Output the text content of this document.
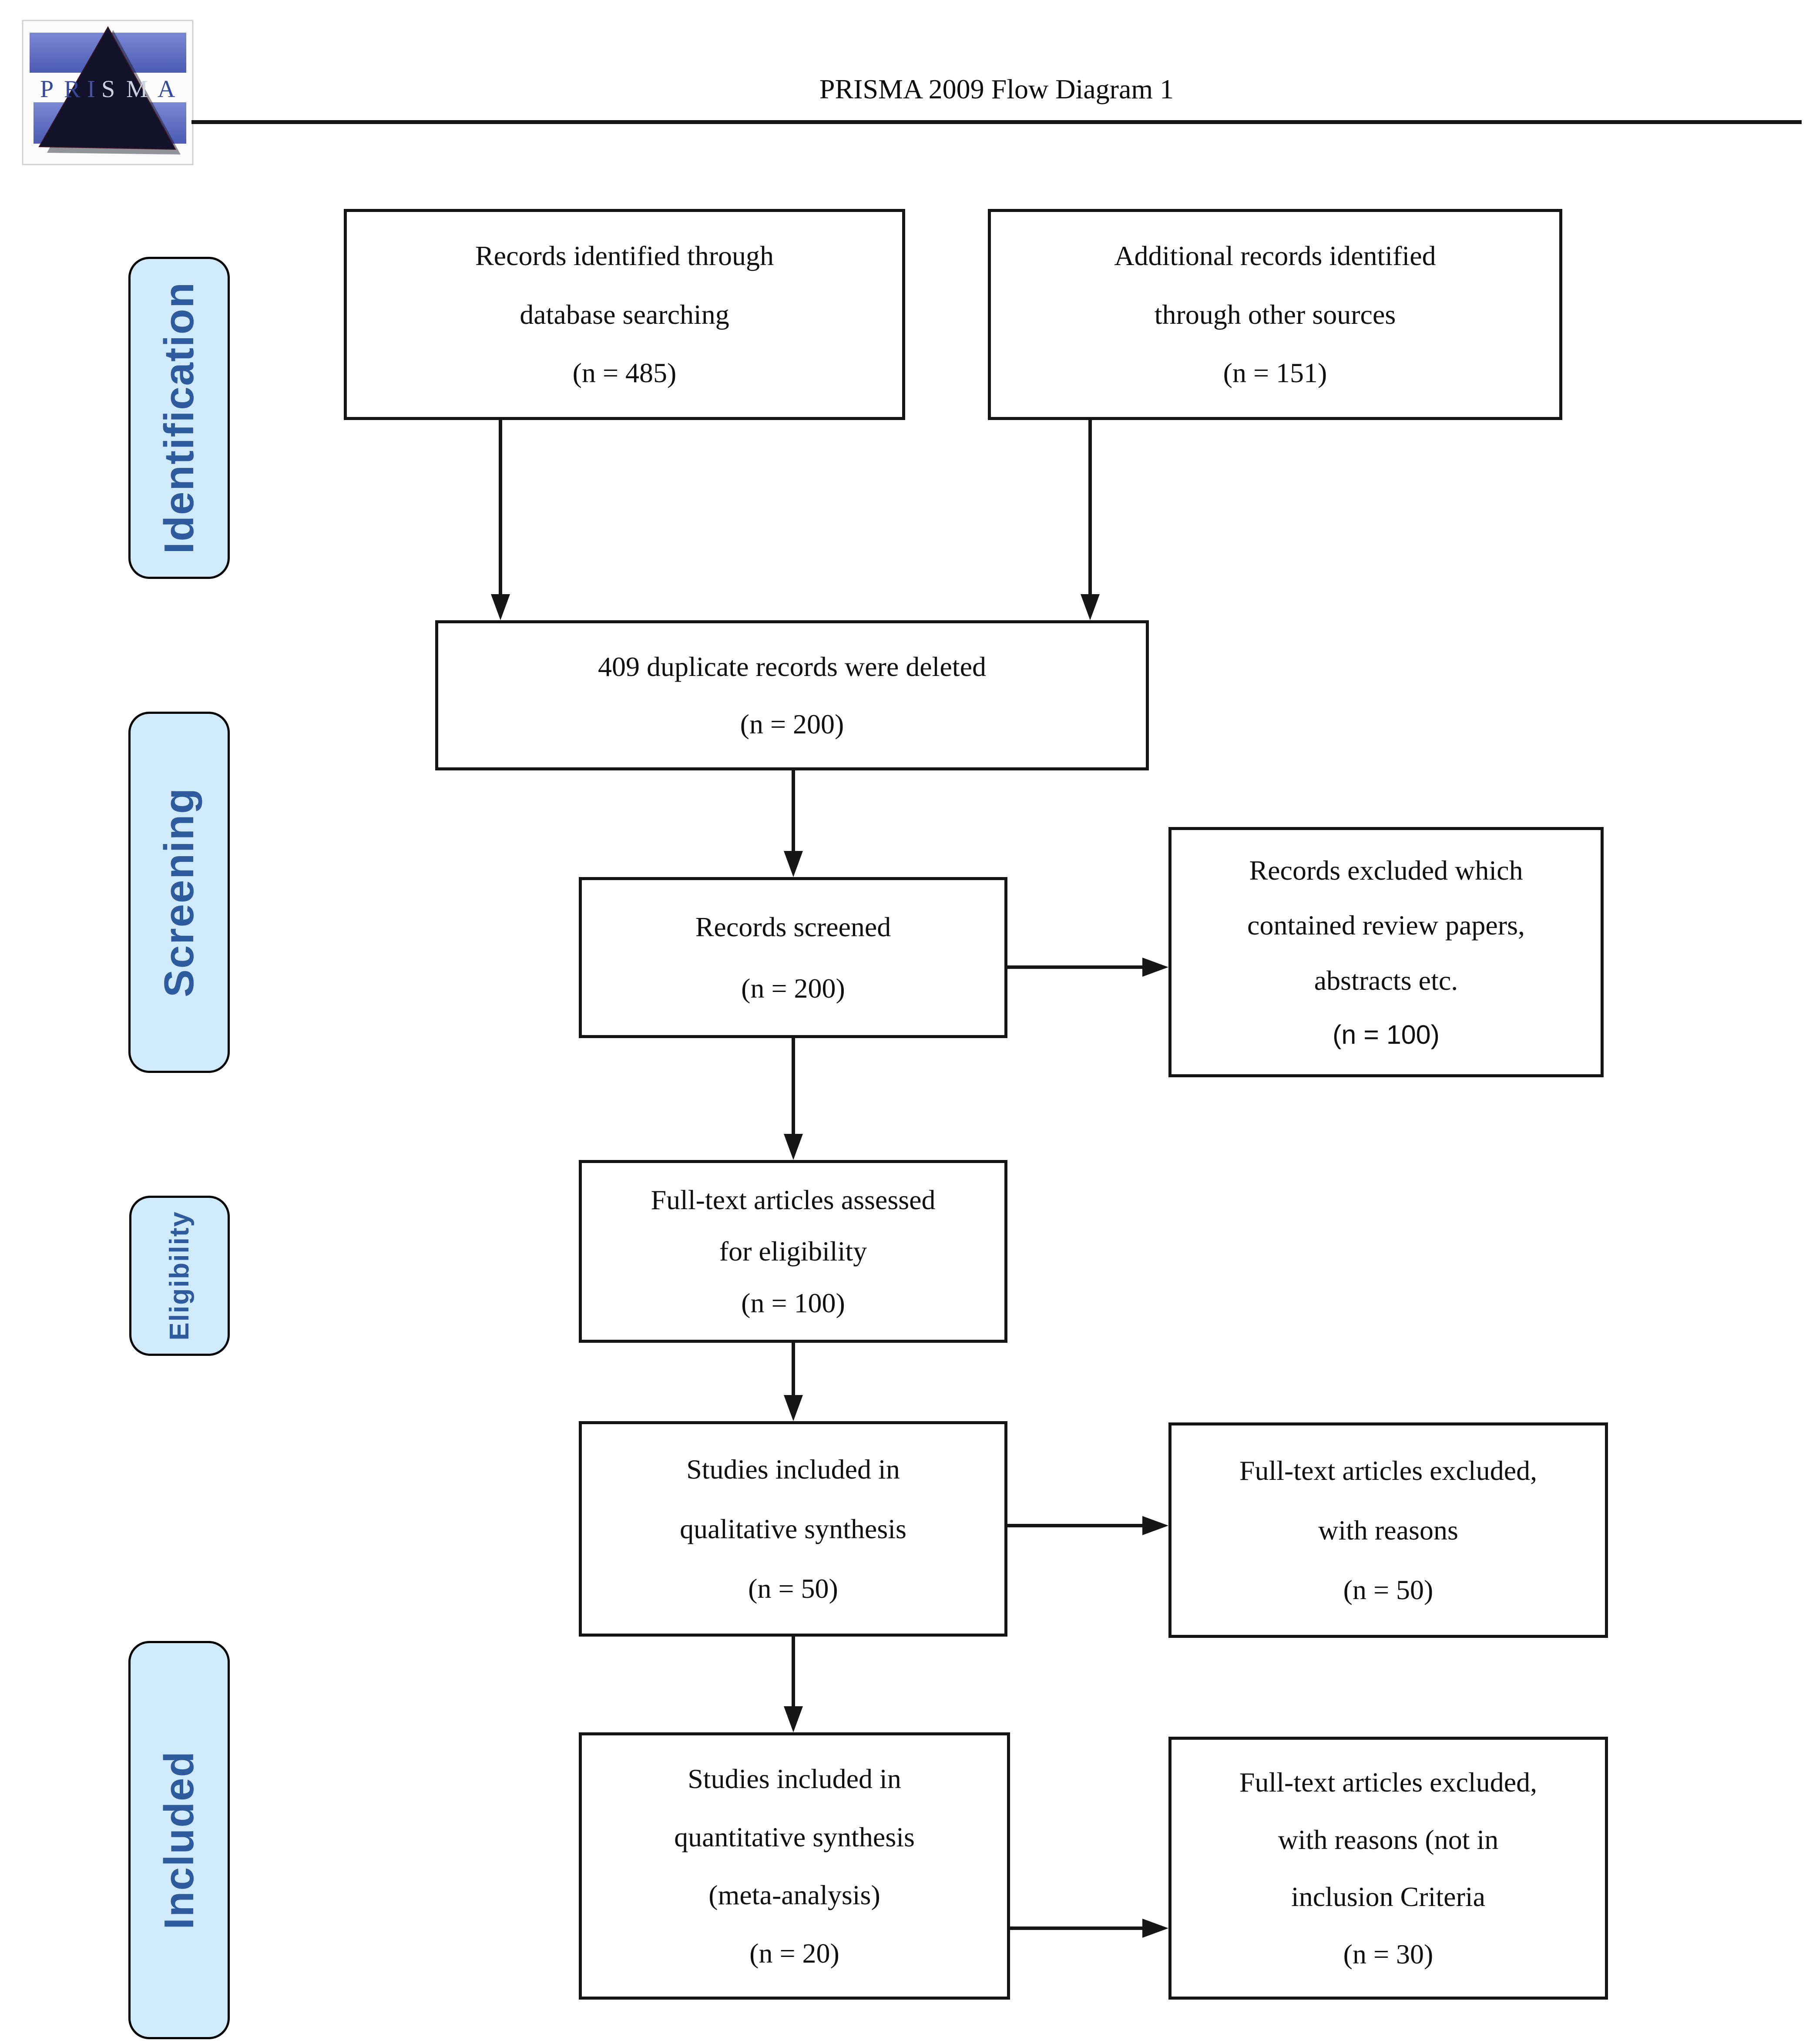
P R I S M A	PRISMA 2009 Flow Diagram 1
Identification
Screening
Eligibility
Included
Records identified through
database searching
(n = 485)
Additional records identified
through other sources
(n = 151)
409 duplicate records were deleted
(n = 200)
Records screened
(n = 200)
Records excluded which
contained review papers,
abstracts etc.
(n = 100)
Full-text articles assessed
for eligibility
(n = 100)
Studies included in
qualitative synthesis
(n = 50)
Full-text articles excluded,
with reasons
(n = 50)
Studies included in
quantitative synthesis
(meta-analysis)
(n = 20)
Full-text articles excluded,
with reasons (not in
inclusion Criteria
(n = 30)
